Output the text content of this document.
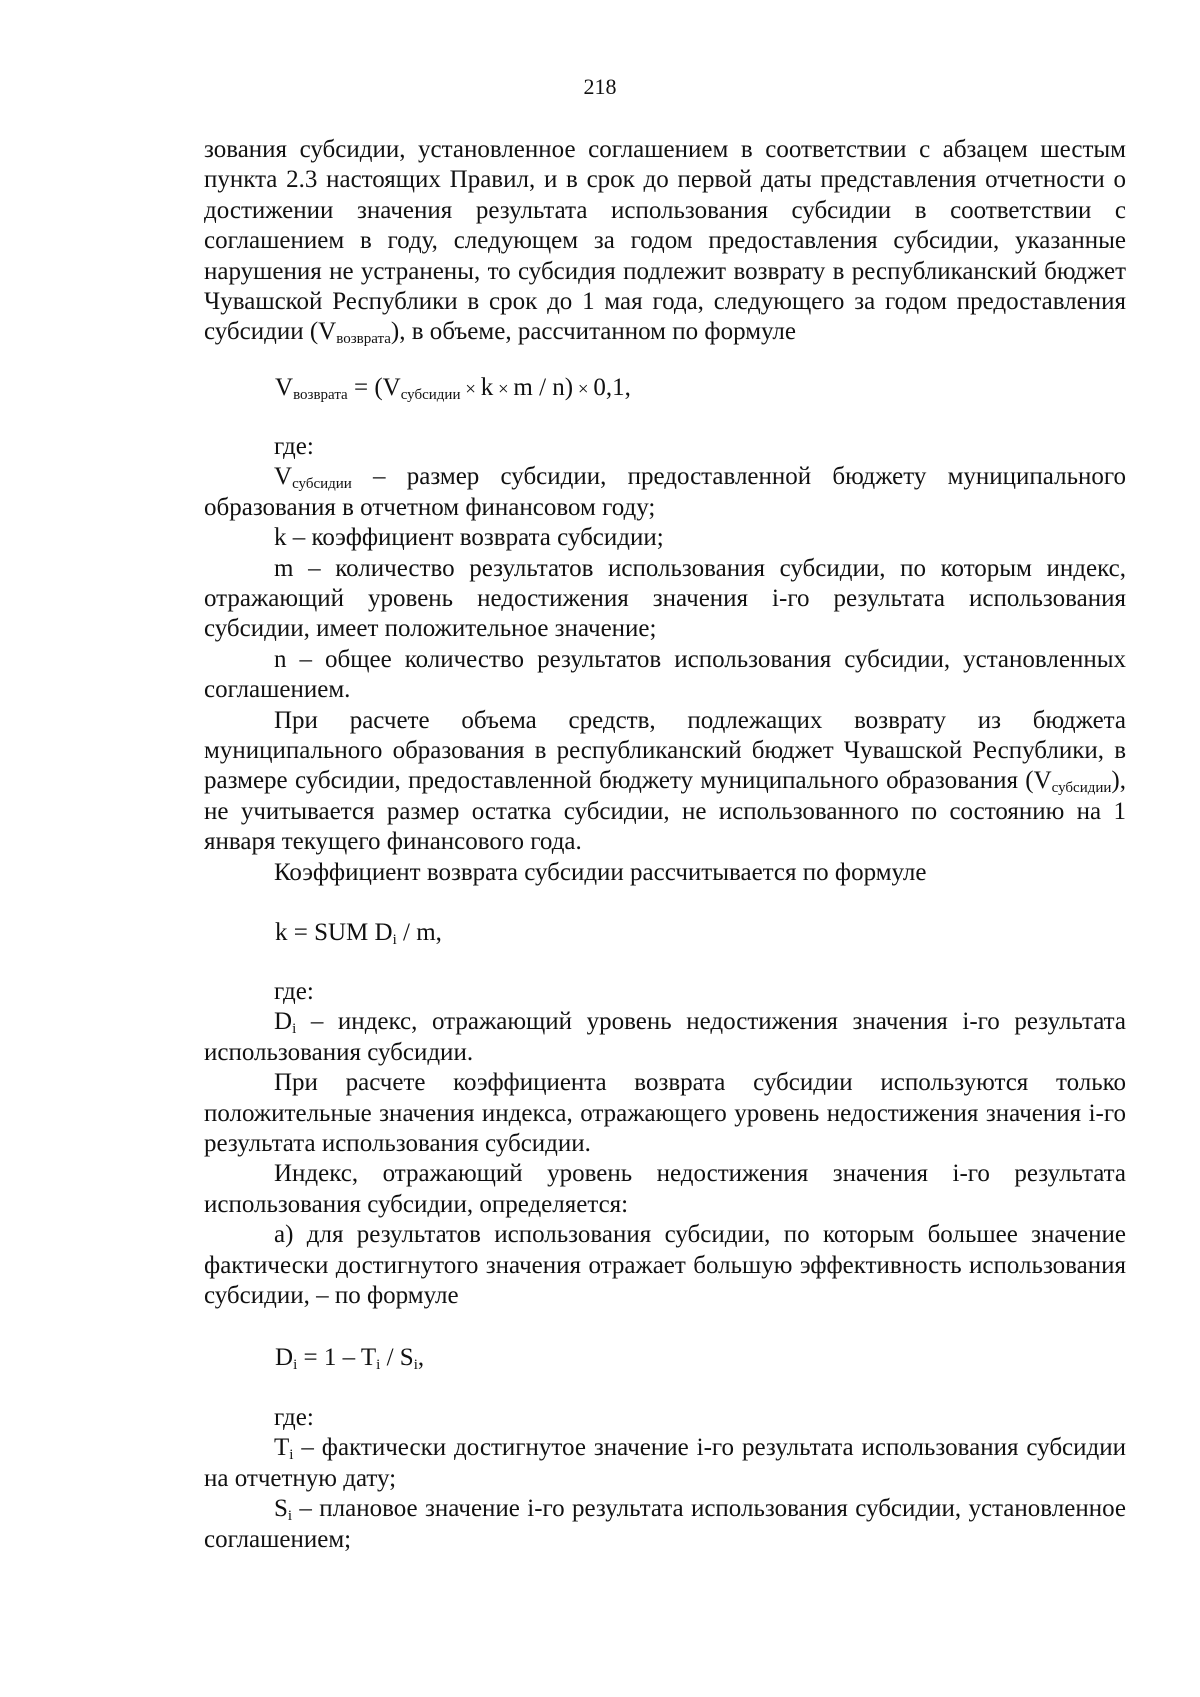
218

зования субсидии, установленное соглашением в соответствии с абзацем шестым пункта 2.3 настоящих Правил, и в срок до первой даты представления отчетности о достижении значения результата использования субсидии в соответствии с соглашением в году, следующем за годом предоставления субсидии, указанные нарушения не устранены, то субсидия подлежит возврату в республиканский бюджет Чувашской Республики в срок до 1 мая года, следующего за годом предоставления субсидии $(V_{возврата})$, в объеме, рассчитанном по формуле

$V_{возврата} = (V_{субсидии} \times k \times m / n) \times 0,1$,

где:

$V_{субсидии}$ – размер субсидии, предоставленной бюджету муниципального образования в отчетном финансовом году;

k – коэффициент возврата субсидии;

m – количество результатов использования субсидии, по которым индекс, отражающий уровень недостижения значения i-го результата использования субсидии, имеет положительное значение;

n – общее количество результатов использования субсидии, установленных соглашением.

При расчете объема средств, подлежащих возврату из бюджета муниципального образования в республиканский бюджет Чувашской Республики, в размере субсидии, предоставленной бюджету муниципального образования $(V_{субсидии})$, не учитывается размер остатка субсидии, не использованного по состоянию на 1 января текущего финансового года.

Коэффициент возврата субсидии рассчитывается по формуле

k = SUM $D_i$ / m,

где:

$D_i$ – индекс, отражающий уровень недостижения значения i-го результата использования субсидии.

При расчете коэффициента возврата субсидии используются только положительные значения индекса, отражающего уровень недостижения значения i-го результата использования субсидии.

Индекс, отражающий уровень недостижения значения i-го результата использования субсидии, определяется:

а) для результатов использования субсидии, по которым большее значение фактически достигнутого значения отражает большую эффективность использования субсидии, – по формуле

$D_i = 1 - T_i / S_i$,

где:

$T_i$ – фактически достигнутое значение i-го результата использования субсидии на отчетную дату;

$S_i$ – плановое значение i-го результата использования субсидии, установленное соглашением;
